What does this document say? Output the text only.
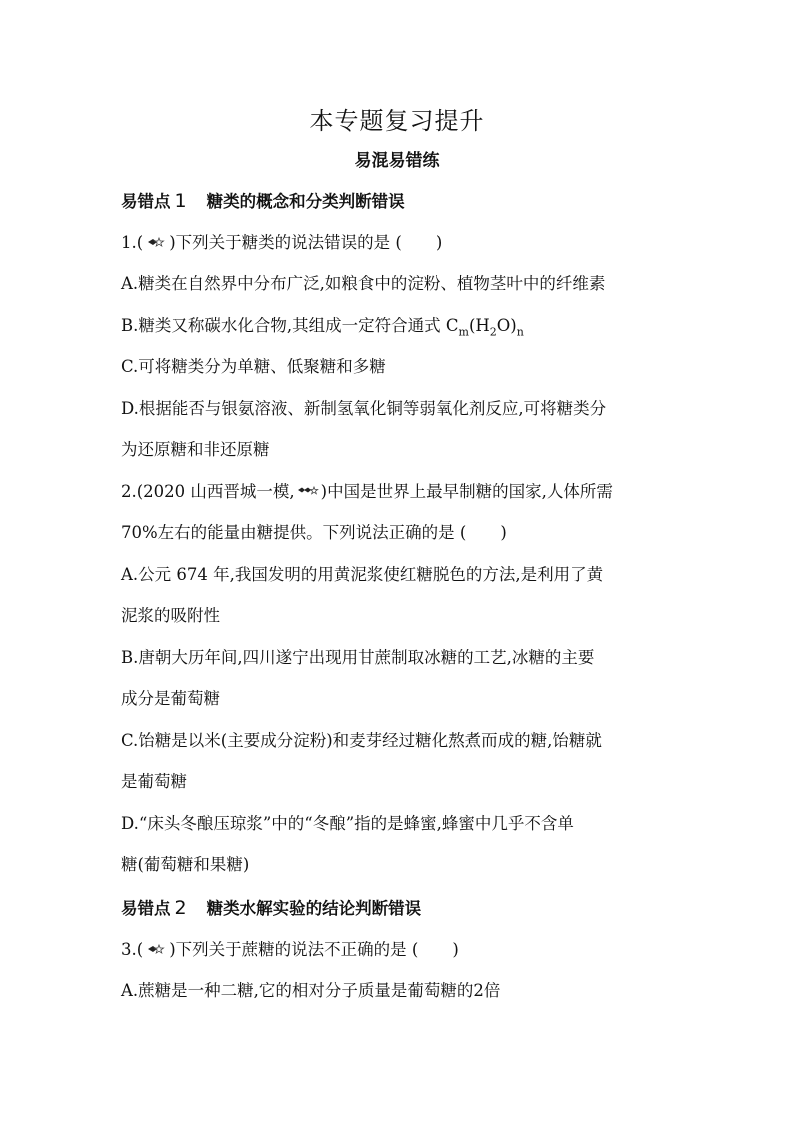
本专题复习提升
易混易错练
易错点 1 糖类的概念和分类判断错误
1.( )下列关于糖类的说法错误的是 ( )
A.糖类在自然界中分布广泛,如粮食中的淀粉、植物茎叶中的纤维素
B.糖类又称碳水化合物,其组成一定符合通式 $C_m(H_2O)_n$
C.可将糖类分为单糖、低聚糖和多糖
D.根据能否与银氨溶液、新制氢氧化铜等弱氧化剂反应,可将糖类分
为还原糖和非还原糖
2.(2020 山西晋城一模, )中国是世界上最早制糖的国家,人体所需
70%左右的能量由糖提供。下列说法正确的是 ( )
A.公元 674 年,我国发明的用黄泥浆使红糖脱色的方法,是利用了黄
泥浆的吸附性
B.唐朝大历年间,四川遂宁出现用甘蔗制取冰糖的工艺,冰糖的主要
成分是葡萄糖
C.饴糖是以米(主要成分淀粉)和麦芽经过糖化熬煮而成的糖,饴糖就
是葡萄糖
D.“床头冬酿压琼浆”中的“冬酿”指的是蜂蜜,蜂蜜中几乎不含单
糖(葡萄糖和果糖)
易错点 2 糖类水解实验的结论判断错误
3.( )下列关于蔗糖的说法不正确的是 ( )
A.蔗糖是一种二糖,它的相对分子质量是葡萄糖的2倍
